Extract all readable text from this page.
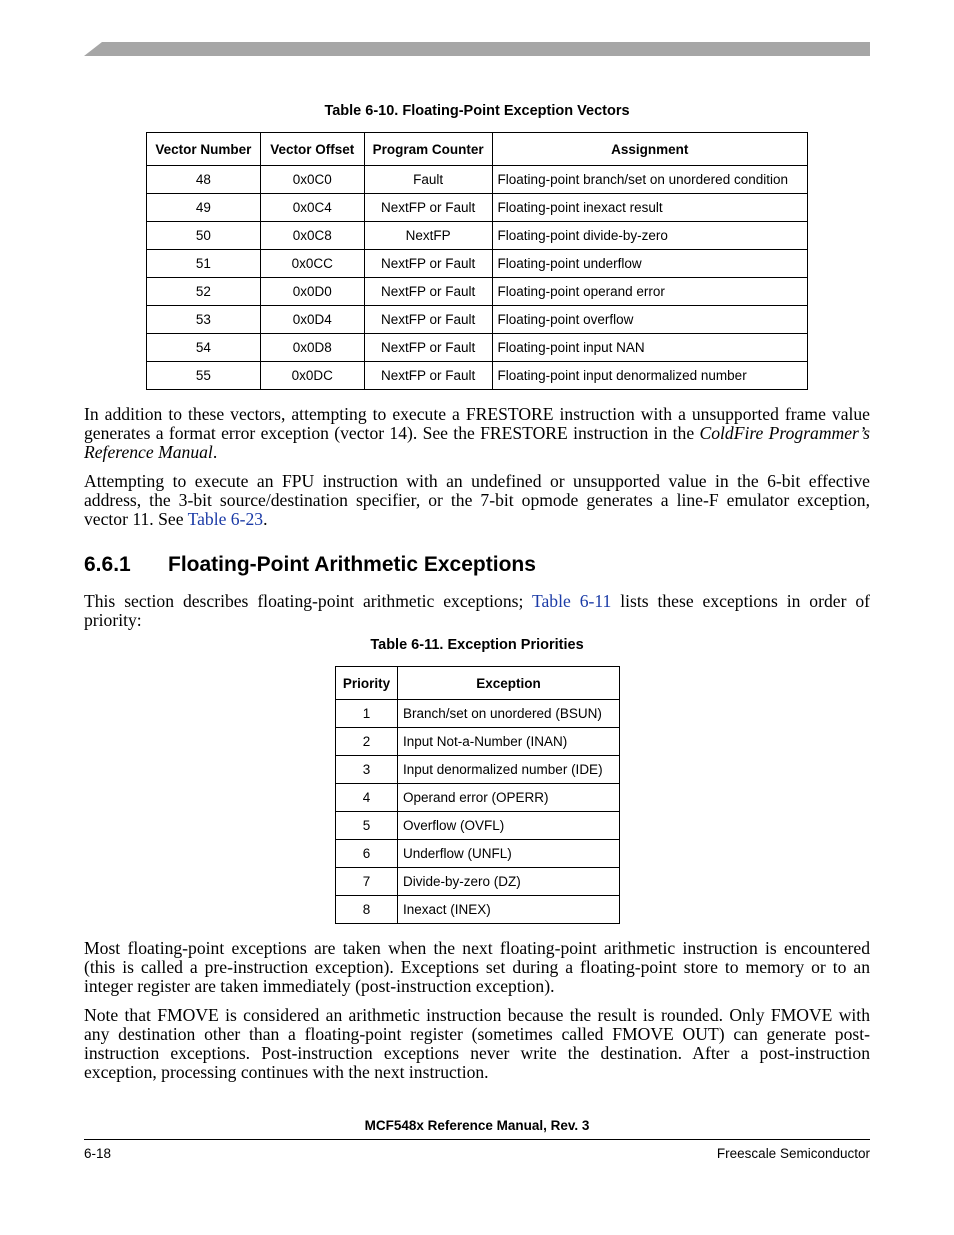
Table 6-10. Floating-Point Exception Vectors
Vector Number	Vector Offset	Program Counter	Assignment
48	0x0C0	Fault	Floating-point branch/set on unordered condition
49	0x0C4	NextFP or Fault	Floating-point inexact result
50	0x0C8	NextFP	Floating-point divide-by-zero
51	0x0CC	NextFP or Fault	Floating-point underflow
52	0x0D0	NextFP or Fault	Floating-point operand error
53	0x0D4	NextFP or Fault	Floating-point overflow
54	0x0D8	NextFP or Fault	Floating-point input NAN
55	0x0DC	NextFP or Fault	Floating-point input denormalized number

In addition to these vectors, attempting to execute a FRESTORE instruction with a unsupported frame value generates a format error exception (vector 14). See the FRESTORE instruction in the ColdFire Programmer’s Reference Manual.

Attempting to execute an FPU instruction with an undefined or unsupported value in the 6-bit effective address, the 3-bit source/destination specifier, or the 7-bit opmode generates a line-F emulator exception, vector 11. See Table 6-23.

6.6.1 Floating-Point Arithmetic Exceptions

This section describes floating-point arithmetic exceptions; Table 6-11 lists these exceptions in order of priority:

Table 6-11. Exception Priorities
Priority	Exception
1	Branch/set on unordered (BSUN)
2	Input Not-a-Number (INAN)
3	Input denormalized number (IDE)
4	Operand error (OPERR)
5	Overflow (OVFL)
6	Underflow (UNFL)
7	Divide-by-zero (DZ)
8	Inexact (INEX)

Most floating-point exceptions are taken when the next floating-point arithmetic instruction is encountered (this is called a pre-instruction exception). Exceptions set during a floating-point store to memory or to an integer register are taken immediately (post-instruction exception).

Note that FMOVE is considered an arithmetic instruction because the result is rounded. Only FMOVE with any destination other than a floating-point register (sometimes called FMOVE OUT) can generate post-instruction exceptions. Post-instruction exceptions never write the destination. After a post-instruction exception, processing continues with the next instruction.

MCF548x Reference Manual, Rev. 3
6-18	Freescale Semiconductor
